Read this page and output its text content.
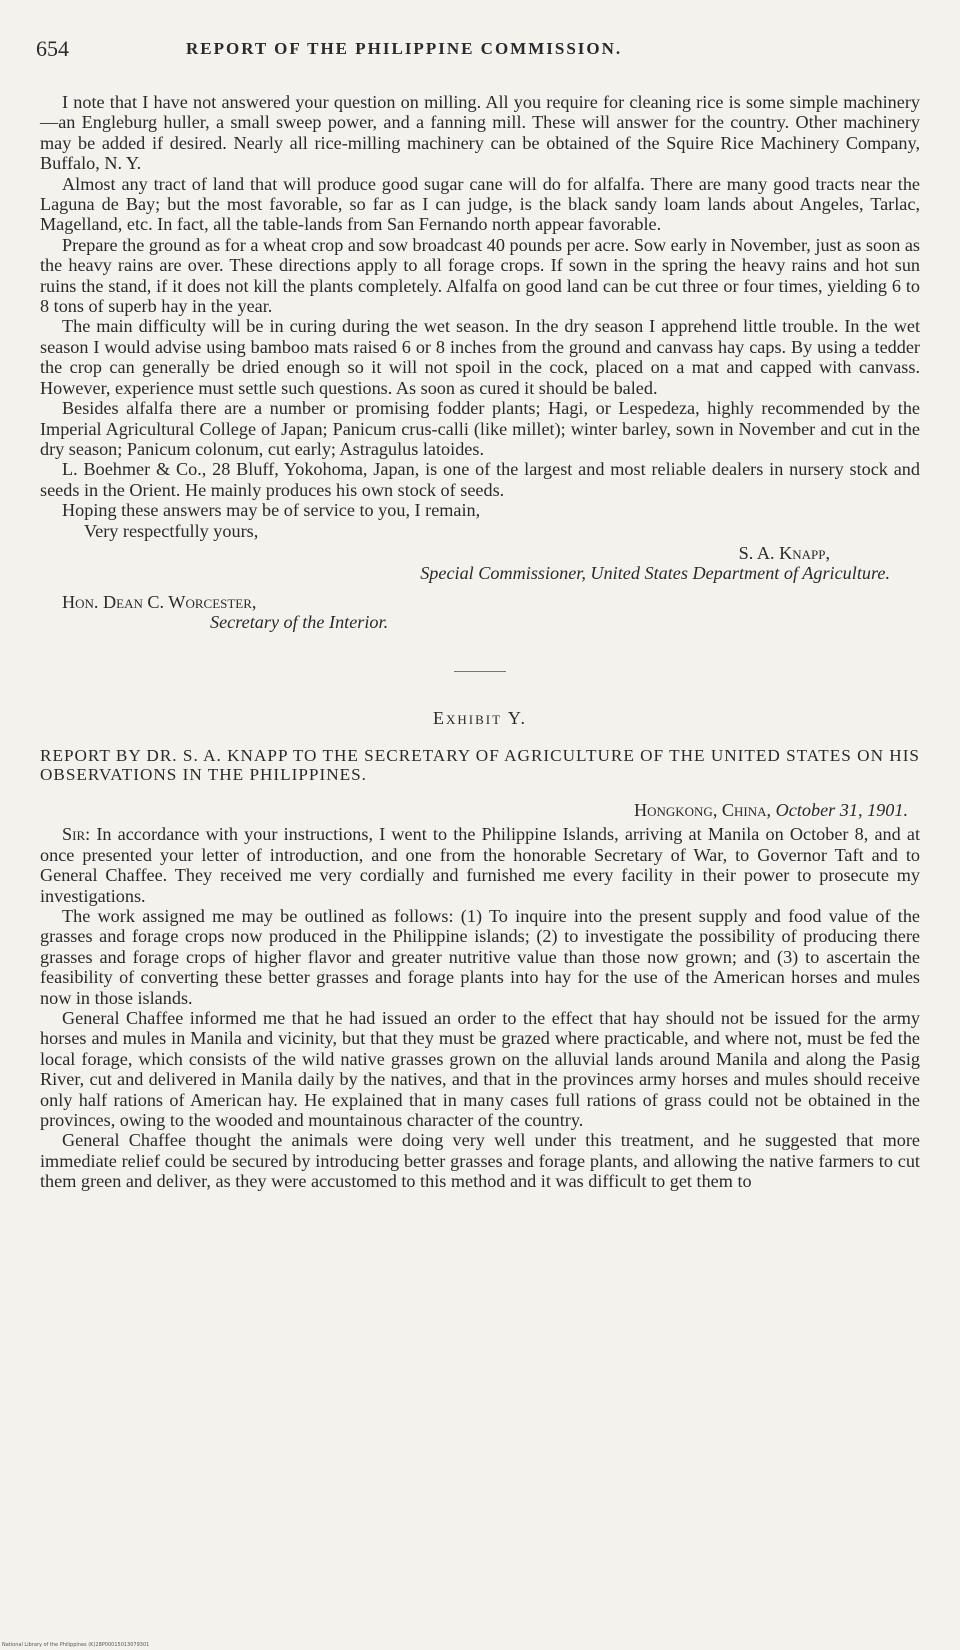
654	REPORT OF THE PHILIPPINE COMMISSION.

I note that I have not answered your question on milling. All you require for cleaning rice is some simple machinery—an Engleburg huller, a small sweep power, and a fanning mill. These will answer for the country. Other machinery may be added if desired. Nearly all rice-milling machinery can be obtained of the Squire Rice Machinery Company, Buffalo, N. Y.

Almost any tract of land that will produce good sugar cane will do for alfalfa. There are many good tracts near the Laguna de Bay; but the most favorable, so far as I can judge, is the black sandy loam lands about Angeles, Tarlac, Magelland, etc. In fact, all the table-lands from San Fernando north appear favorable.

Prepare the ground as for a wheat crop and sow broadcast 40 pounds per acre. Sow early in November, just as soon as the heavy rains are over. These directions apply to all forage crops. If sown in the spring the heavy rains and hot sun ruins the stand, if it does not kill the plants completely. Alfalfa on good land can be cut three or four times, yielding 6 to 8 tons of superb hay in the year.

The main difficulty will be in curing during the wet season. In the dry season I apprehend little trouble. In the wet season I would advise using bamboo mats raised 6 or 8 inches from the ground and canvass hay caps. By using a tedder the crop can generally be dried enough so it will not spoil in the cock, placed on a mat and capped with canvass. However, experience must settle such questions. As soon as cured it should be baled.

Besides alfalfa there are a number or promising fodder plants; Hagi, or Lespedeza, highly recommended by the Imperial Agricultural College of Japan; Panicum crus-calli (like millet); winter barley, sown in November and cut in the dry season; Panicum colonum, cut early; Astragulus latoides.

L. Boehmer & Co., 28 Bluff, Yokohoma, Japan, is one of the largest and most reliable dealers in nursery stock and seeds in the Orient. He mainly produces his own stock of seeds.

Hoping these answers may be of service to you, I remain,

Very respectfully yours,

S. A. Knapp,
Special Commissioner, United States Department of Agriculture.
Hon. Dean C. Worcester,
Secretary of the Interior.
Exhibit Y.
REPORT BY DR. S. A. KNAPP TO THE SECRETARY OF AGRICULTURE OF THE UNITED STATES ON HIS OBSERVATIONS IN THE PHILIPPINES.
Hongkong, China, October 31, 1901.

Sir: In accordance with your instructions, I went to the Philippine Islands, arriving at Manila on October 8, and at once presented your letter of introduction, and one from the honorable Secretary of War, to Governor Taft and to General Chaffee. They received me very cordially and furnished me every facility in their power to prosecute my investigations.

The work assigned me may be outlined as follows: (1) To inquire into the present supply and food value of the grasses and forage crops now produced in the Philippine islands; (2) to investigate the possibility of producing there grasses and forage crops of higher flavor and greater nutritive value than those now grown; and (3) to ascertain the feasibility of converting these better grasses and forage plants into hay for the use of the American horses and mules now in those islands.

General Chaffee informed me that he had issued an order to the effect that hay should not be issued for the army horses and mules in Manila and vicinity, but that they must be grazed where practicable, and where not, must be fed the local forage, which consists of the wild native grasses grown on the alluvial lands around Manila and along the Pasig River, cut and delivered in Manila daily by the natives, and that in the provinces army horses and mules should receive only half rations of American hay. He explained that in many cases full rations of grass could not be obtained in the provinces, owing to the wooded and mountainous character of the country.

General Chaffee thought the animals were doing very well under this treatment, and he suggested that more immediate relief could be secured by introducing better grasses and forage plants, and allowing the native farmers to cut them green and deliver, as they were accustomed to this method and it was difficult to get them to

National Library of the Philippines (K)28P00015013079301
